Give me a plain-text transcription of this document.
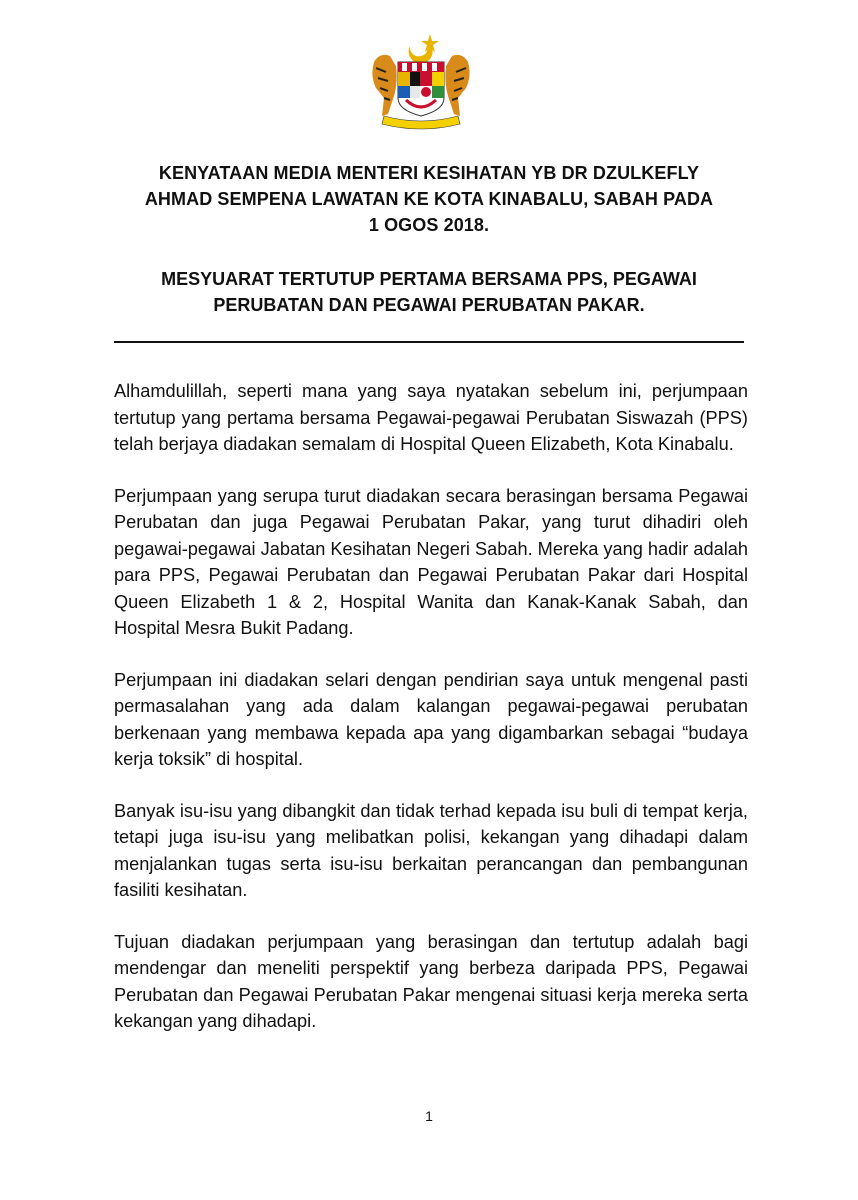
KENYATAAN MEDIA MENTERI KESIHATAN YB DR DZULKEFLY
AHMAD SEMPENA LAWATAN KE KOTA KINABALU, SABAH PADA
1 OGOS 2018.
MESYUARAT TERTUTUP PERTAMA BERSAMA PPS, PEGAWAI
PERUBATAN DAN PEGAWAI PERUBATAN PAKAR.

Alhamdulillah, seperti mana yang saya nyatakan sebelum ini, perjumpaan tertutup yang pertama bersama Pegawai-pegawai Perubatan Siswazah (PPS) telah berjaya diadakan semalam di Hospital Queen Elizabeth, Kota Kinabalu.

Perjumpaan yang serupa turut diadakan secara berasingan bersama Pegawai Perubatan dan juga Pegawai Perubatan Pakar, yang turut dihadiri oleh pegawai-pegawai Jabatan Kesihatan Negeri Sabah. Mereka yang hadir adalah para PPS, Pegawai Perubatan dan Pegawai Perubatan Pakar dari Hospital Queen Elizabeth 1 & 2, Hospital Wanita dan Kanak-Kanak Sabah, dan Hospital Mesra Bukit Padang.

Perjumpaan ini diadakan selari dengan pendirian saya untuk mengenal pasti permasalahan yang ada dalam kalangan pegawai-pegawai perubatan berkenaan yang membawa kepada apa yang digambarkan sebagai “budaya kerja toksik” di hospital.

Banyak isu-isu yang dibangkit dan tidak terhad kepada isu buli di tempat kerja, tetapi juga isu-isu yang melibatkan polisi, kekangan yang dihadapi dalam menjalankan tugas serta isu-isu berkaitan perancangan dan pembangunan fasiliti kesihatan.

Tujuan diadakan perjumpaan yang berasingan dan tertutup adalah bagi mendengar dan meneliti perspektif yang berbeza daripada PPS, Pegawai Perubatan dan Pegawai Perubatan Pakar mengenai situasi kerja mereka serta kekangan yang dihadapi.

1
